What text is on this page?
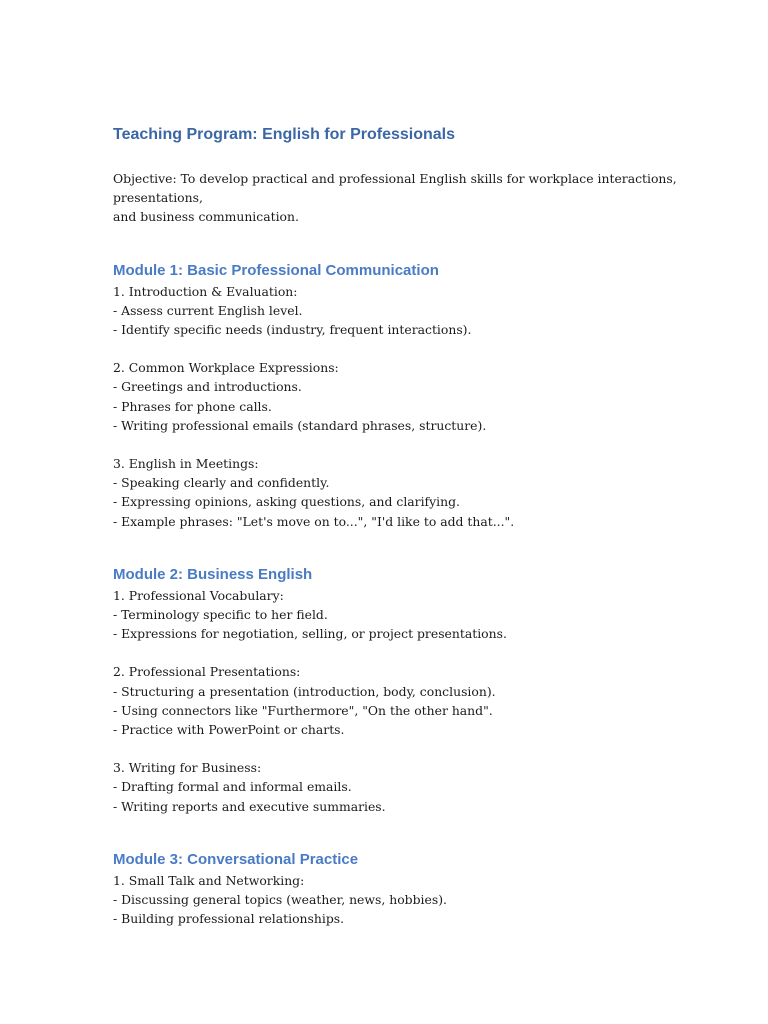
Teaching Program: English for Professionals

Objective: To develop practical and professional English skills for workplace interactions,

presentations,

and business communication.

Module 1: Basic Professional Communication

1. Introduction & Evaluation:

- Assess current English level.

- Identify specific needs (industry, frequent interactions).

2. Common Workplace Expressions:

- Greetings and introductions.

- Phrases for phone calls.

- Writing professional emails (standard phrases, structure).

3. English in Meetings:

- Speaking clearly and confidently.

- Expressing opinions, asking questions, and clarifying.

- Example phrases: "Let's move on to...", "I'd like to add that...".

Module 2: Business English

1. Professional Vocabulary:

- Terminology specific to her field.

- Expressions for negotiation, selling, or project presentations.

2. Professional Presentations:

- Structuring a presentation (introduction, body, conclusion).

- Using connectors like "Furthermore", "On the other hand".

- Practice with PowerPoint or charts.

3. Writing for Business:

- Drafting formal and informal emails.

- Writing reports and executive summaries.

Module 3: Conversational Practice

1. Small Talk and Networking:

- Discussing general topics (weather, news, hobbies).

- Building professional relationships.
